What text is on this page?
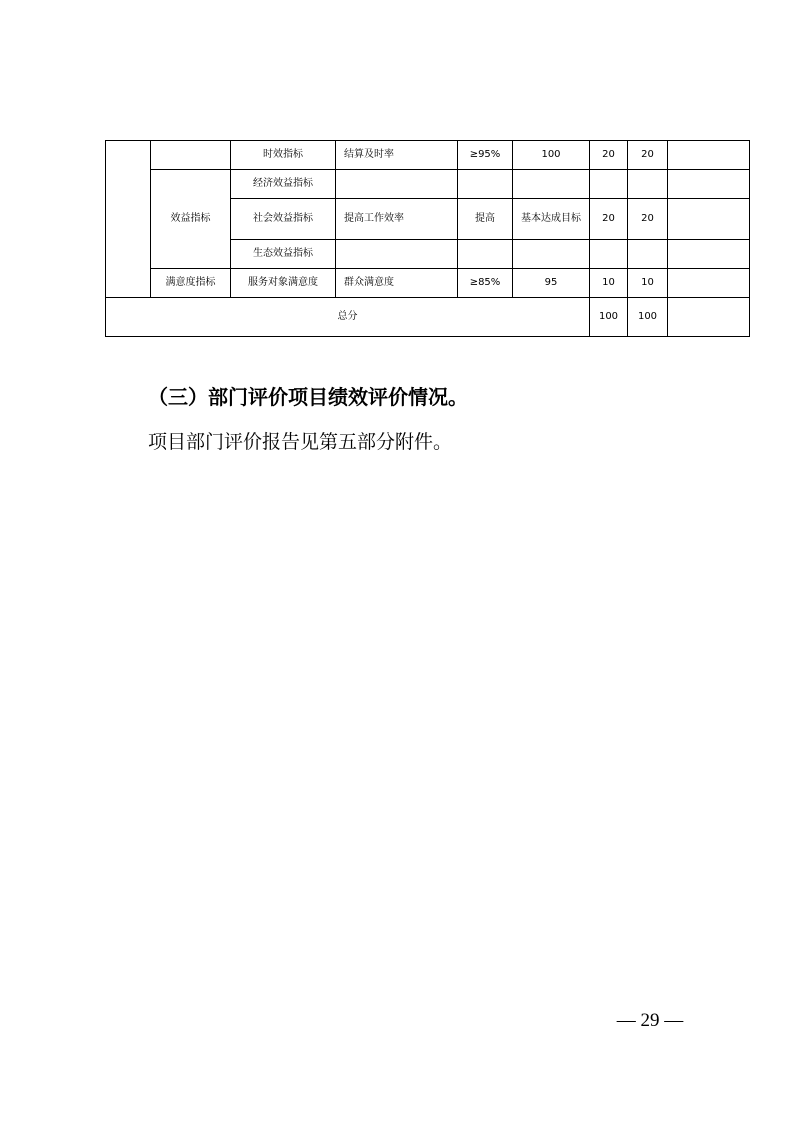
		时效指标	结算及时率	≥95%	100	20	20	
	效益指标	经济效益指标						
		社会效益指标	提高工作效率	提高	基本达成目标	20	20	
		生态效益指标						
	满意度指标	服务对象满意度	群众满意度	≥85%	95	10	10	
总分						100	100	
（三）部门评价项目绩效评价情况。
项目部门评价报告见第五部分附件。
— 29 —
